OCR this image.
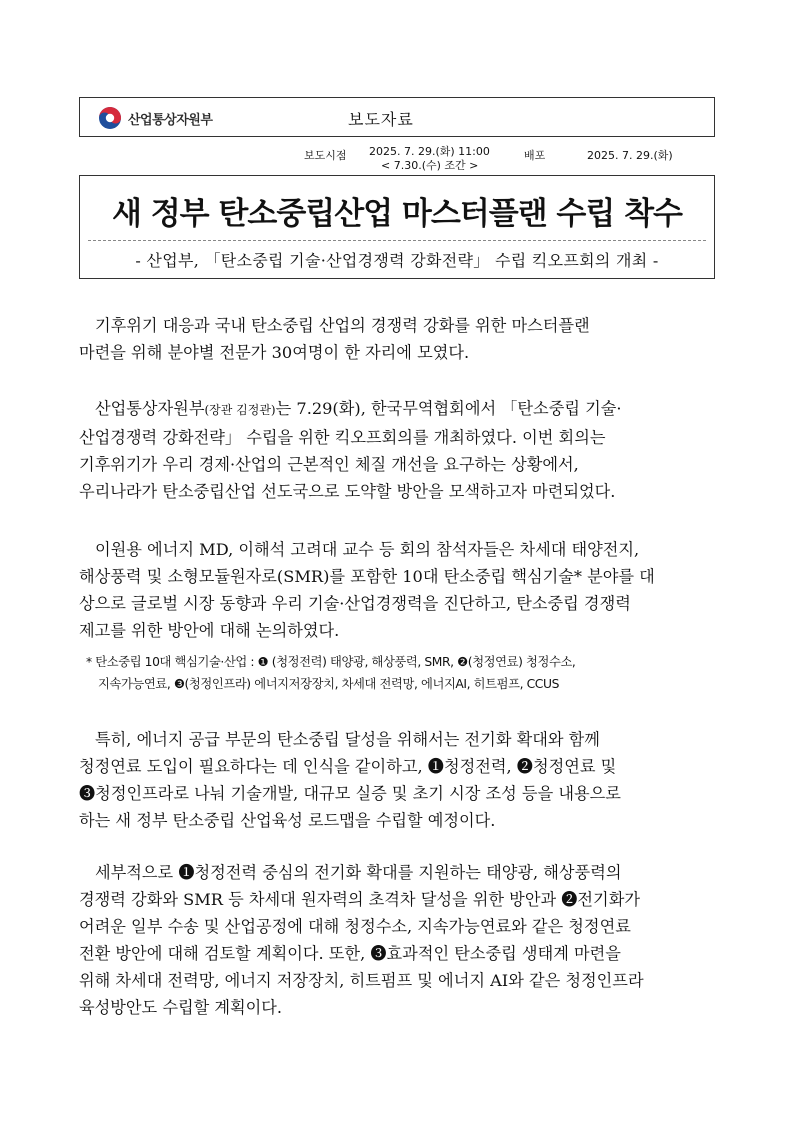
산업통상자원부	보도자료
보도시점 2025. 7. 29.(화) 11:00
< 7.30.(수) 조간 >
배포	2025. 7. 29.(화)
새 정부 탄소중립산업 마스터플랜 수립 착수
- 산업부, 「탄소중립 기술·산업경쟁력 강화전략」 수립 킥오프회의 개최 -
기후위기 대응과 국내 탄소중립 산업의 경쟁력 강화를 위한 마스터플랜
마련을 위해 분야별 전문가 30여명이 한 자리에 모였다.
산업통상자원부(장관 김정관)는 7.29(화), 한국무역협회에서 「탄소중립 기술·
산업경쟁력 강화전략」 수립을 위한 킥오프회의를 개최하였다. 이번 회의는
기후위기가 우리 경제·산업의 근본적인 체질 개선을 요구하는 상황에서,
우리나라가 탄소중립산업 선도국으로 도약할 방안을 모색하고자 마련되었다.
이원용 에너지 MD, 이해석 고려대 교수 등 회의 참석자들은 차세대 태양전지,
해상풍력 및 소형모듈원자로(SMR)를 포함한 10대 탄소중립 핵심기술* 분야를 대
상으로 글로벌 시장 동향과 우리 기술·산업경쟁력을 진단하고, 탄소중립 경쟁력
제고를 위한 방안에 대해 논의하였다.
* 탄소중립 10대 핵심기술·산업 : ❶ (청정전력) 태양광, 해상풍력, SMR, ❷(청정연료) 청정수소,
지속가능연료, ❸(청정인프라) 에너지저장장치, 차세대 전력망, 에너지AI, 히트펌프, CCUS
특히, 에너지 공급 부문의 탄소중립 달성을 위해서는 전기화 확대와 함께
청정연료 도입이 필요하다는 데 인식을 같이하고, ❶청정전력, ❷청정연료 및
❸청정인프라로 나눠 기술개발, 대규모 실증 및 초기 시장 조성 등을 내용으로
하는 새 정부 탄소중립 산업육성 로드맵을 수립할 예정이다.
세부적으로 ❶청정전력 중심의 전기화 확대를 지원하는 태양광, 해상풍력의
경쟁력 강화와 SMR 등 차세대 원자력의 초격차 달성을 위한 방안과 ❷전기화가
어려운 일부 수송 및 산업공정에 대해 청정수소, 지속가능연료와 같은 청정연료
전환 방안에 대해 검토할 계획이다. 또한, ❸효과적인 탄소중립 생태계 마련을
위해 차세대 전력망, 에너지 저장장치, 히트펌프 및 에너지 AI와 같은 청정인프라
육성방안도 수립할 계획이다.
